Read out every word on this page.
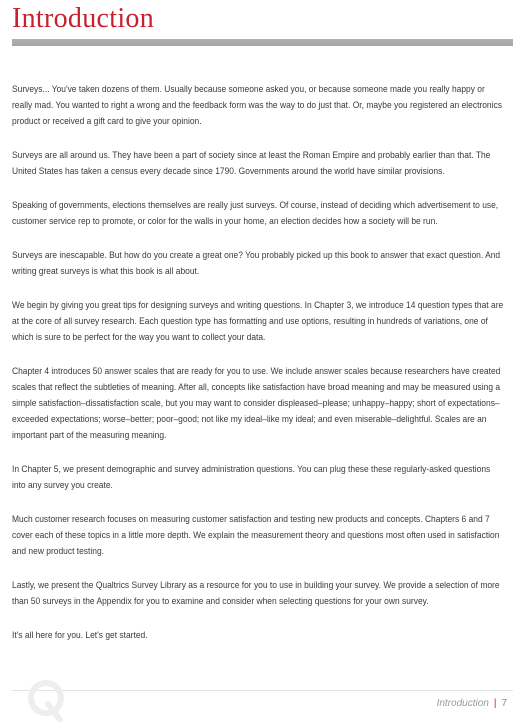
Introduction

Surveys... You've taken dozens of them. Usually because someone asked you, or because someone made you really happy or really mad. You wanted to right a wrong and the feedback form was the way to do just that. Or, maybe you registered an electronics product or received a gift card to give your opinion.

Surveys are all around us. They have been a part of society since at least the Roman Empire and probably earlier than that. The United States has taken a census every decade since 1790. Governments around the world have similar provisions.

Speaking of governments, elections themselves are really just surveys. Of course, instead of deciding which advertisement to use, customer service rep to promote, or color for the walls in your home, an election decides how a society will be run.

Surveys are inescapable. But how do you create a great one? You probably picked up this book to answer that exact question. And writing great surveys is what this book is all about.

We begin by giving you great tips for designing surveys and writing questions. In Chapter 3, we introduce 14 question types that are at the core of all survey research. Each question type has formatting and use options, resulting in hundreds of variations, one of which is sure to be perfect for the way you want to collect your data.

Chapter 4 introduces 50 answer scales that are ready for you to use. We include answer scales because researchers have created scales that reflect the subtleties of meaning. After all, concepts like satisfaction have broad meaning and may be measured using a simple satisfaction–dissatisfaction scale, but you may want to consider displeased–please; unhappy–happy; short of expectations–exceeded expectations; worse–better; poor–good; not like my ideal–like my ideal; and even miserable–delightful. Scales are an important part of the measuring meaning.

In Chapter 5, we present demographic and survey administration questions. You can plug these these regularly-asked questions into any survey you create.

Much customer research focuses on measuring customer satisfaction and testing new products and concepts. Chapters 6 and 7 cover each of these topics in a little more depth. We explain the measurement theory and questions most often used in satisfaction and new product testing.

Lastly, we present the Qualtrics Survey Library as a resource for you to use in building your survey. We provide a selection of more than 50 surveys in the Appendix for you to examine and consider when selecting questions for your own survey.

It's all here for you. Let's get started.

Introduction | 7
